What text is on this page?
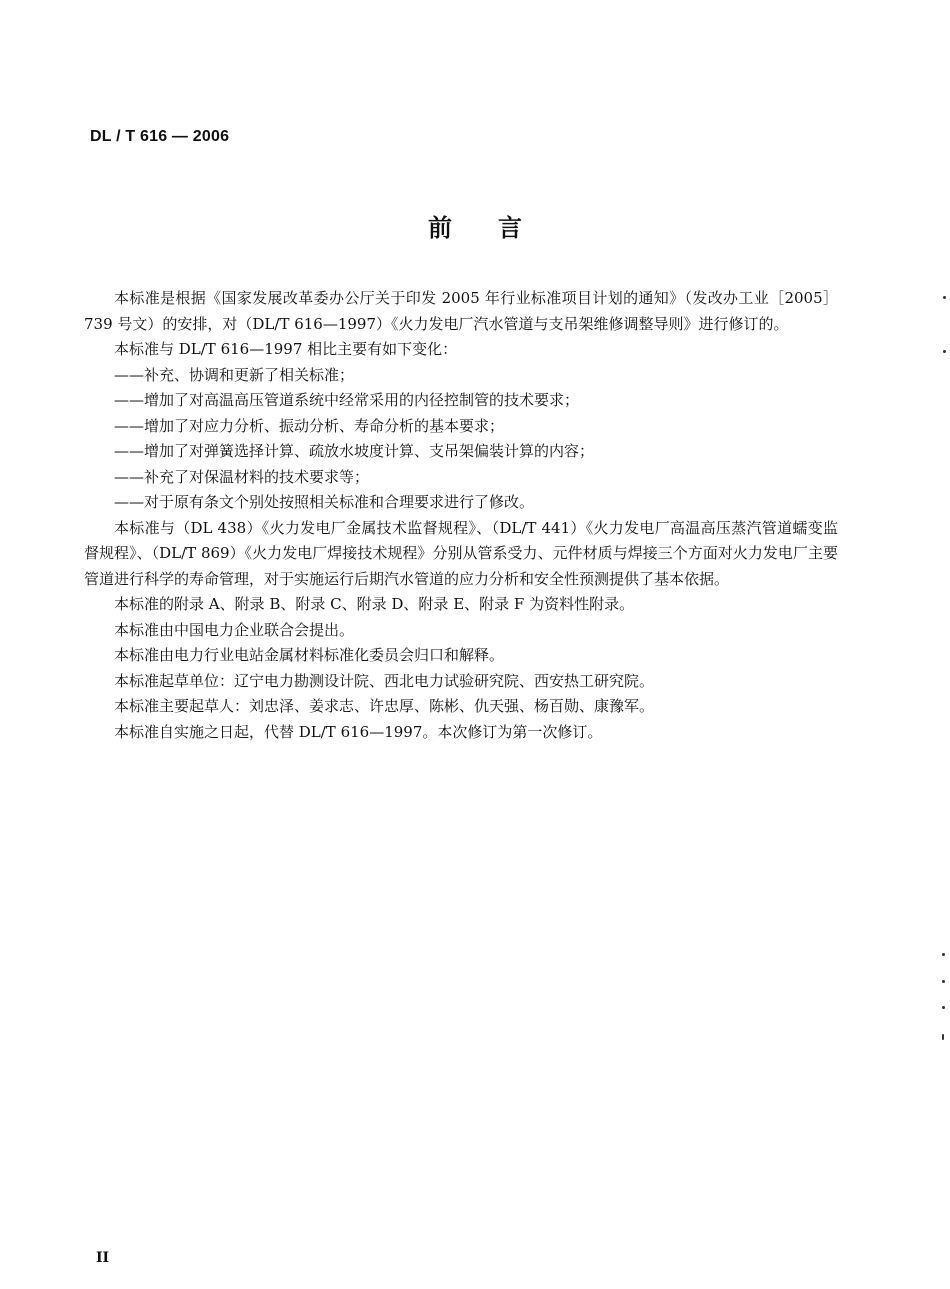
DL / T 616 — 2006
前言

本标准是根据《国家发展改革委办公厅关于印发 2005 年行业标准项目计划的通知》（发改办工业［2005］739 号文）的安排，对（DL/T 616—1997）《火力发电厂汽水管道与支吊架维修调整导则》进行修订的。

本标准与 DL/T 616—1997 相比主要有如下变化：

——补充、协调和更新了相关标准；

——增加了对高温高压管道系统中经常采用的内径控制管的技术要求；

——增加了对应力分析、振动分析、寿命分析的基本要求；

——增加了对弹簧选择计算、疏放水坡度计算、支吊架偏装计算的内容；

——补充了对保温材料的技术要求等；

——对于原有条文个别处按照相关标准和合理要求进行了修改。

本标准与（DL 438）《火力发电厂金属技术监督规程》、（DL/T 441）《火力发电厂高温高压蒸汽管道蠕变监督规程》、（DL/T 869）《火力发电厂焊接技术规程》分别从管系受力、元件材质与焊接三个方面对火力发电厂主要管道进行科学的寿命管理，对于实施运行后期汽水管道的应力分析和安全性预测提供了基本依据。

本标准的附录 A、附录 B、附录 C、附录 D、附录 E、附录 F 为资料性附录。

本标准由中国电力企业联合会提出。

本标准由电力行业电站金属材料标准化委员会归口和解释。

本标准起草单位：辽宁电力勘测设计院、西北电力试验研究院、西安热工研究院。

本标准主要起草人：刘忠泽、姜求志、许忠厚、陈彬、仇天强、杨百勋、康豫军。

本标准自实施之日起，代替 DL/T 616—1997。本次修订为第一次修订。

II
